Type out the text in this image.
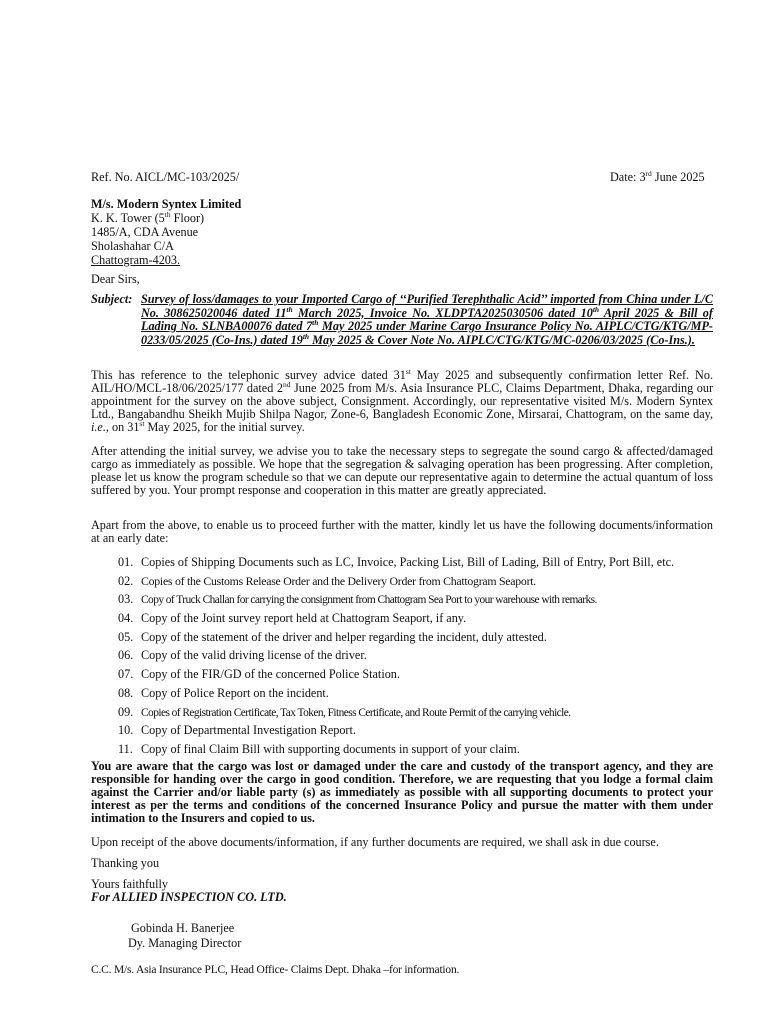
Ref. No. AICL/MC-103/2025/	Date: 3rd June 2025
M/s. Modern Syntex Limited
K. K. Tower (5th Floor)
1485/A, CDA Avenue
Sholashahar C/A
Chattogram-4203.
Dear Sirs,
Subject: Survey of loss/damages to your Imported Cargo of ‘‘Purified Terephthalic Acid’’ imported from China under L/C No. 308625020046 dated 11th March 2025, Invoice No. XLDPTA2025030506 dated 10th April 2025 & Bill of Lading No. SLNBA00076 dated 7th May 2025 under Marine Cargo Insurance Policy No. AIPLC/CTG/KTG/MP-0233/05/2025 (Co-Ins.) dated 19th May 2025 & Cover Note No. AIPLC/CTG/KTG/MC-0206/03/2025 (Co-Ins.).
This has reference to the telephonic survey advice dated 31st May 2025 and subsequently confirmation letter Ref. No. AIL/HO/MCL-18/06/2025/177 dated 2nd June 2025 from M/s. Asia Insurance PLC, Claims Department, Dhaka, regarding our appointment for the survey on the above subject, Consignment. Accordingly, our representative visited M/s. Modern Syntex Ltd., Bangabandhu Sheikh Mujib Shilpa Nagor, Zone-6, Bangladesh Economic Zone, Mirsarai, Chattogram, on the same day, i.e., on 31st May 2025, for the initial survey.
After attending the initial survey, we advise you to take the necessary steps to segregate the sound cargo & affected/damaged cargo as immediately as possible. We hope that the segregation & salvaging operation has been progressing. After completion, please let us know the program schedule so that we can depute our representative again to determine the actual quantum of loss suffered by you. Your prompt response and cooperation in this matter are greatly appreciated.
Apart from the above, to enable us to proceed further with the matter, kindly let us have the following documents/information at an early date:
01. Copies of Shipping Documents such as LC, Invoice, Packing List, Bill of Lading, Bill of Entry, Port Bill, etc.
02. Copies of the Customs Release Order and the Delivery Order from Chattogram Seaport.
03. Copy of Truck Challan for carrying the consignment from Chattogram Sea Port to your warehouse with remarks.
04. Copy of the Joint survey report held at Chattogram Seaport, if any.
05. Copy of the statement of the driver and helper regarding the incident, duly attested.
06. Copy of the valid driving license of the driver.
07. Copy of the FIR/GD of the concerned Police Station.
08. Copy of Police Report on the incident.
09. Copies of Registration Certificate, Tax Token, Fitness Certificate, and Route Permit of the carrying vehicle.
10. Copy of Departmental Investigation Report.
11. Copy of final Claim Bill with supporting documents in support of your claim.
You are aware that the cargo was lost or damaged under the care and custody of the transport agency, and they are responsible for handing over the cargo in good condition. Therefore, we are requesting that you lodge a formal claim against the Carrier and/or liable party (s) as immediately as possible with all supporting documents to protect your interest as per the terms and conditions of the concerned Insurance Policy and pursue the matter with them under intimation to the Insurers and copied to us.
Upon receipt of the above documents/information, if any further documents are required, we shall ask in due course.
Thanking you
Yours faithfully
For ALLIED INSPECTION CO. LTD.
Gobinda H. Banerjee
Dy. Managing Director
C.C. M/s. Asia Insurance PLC, Head Office- Claims Dept. Dhaka –for information.
